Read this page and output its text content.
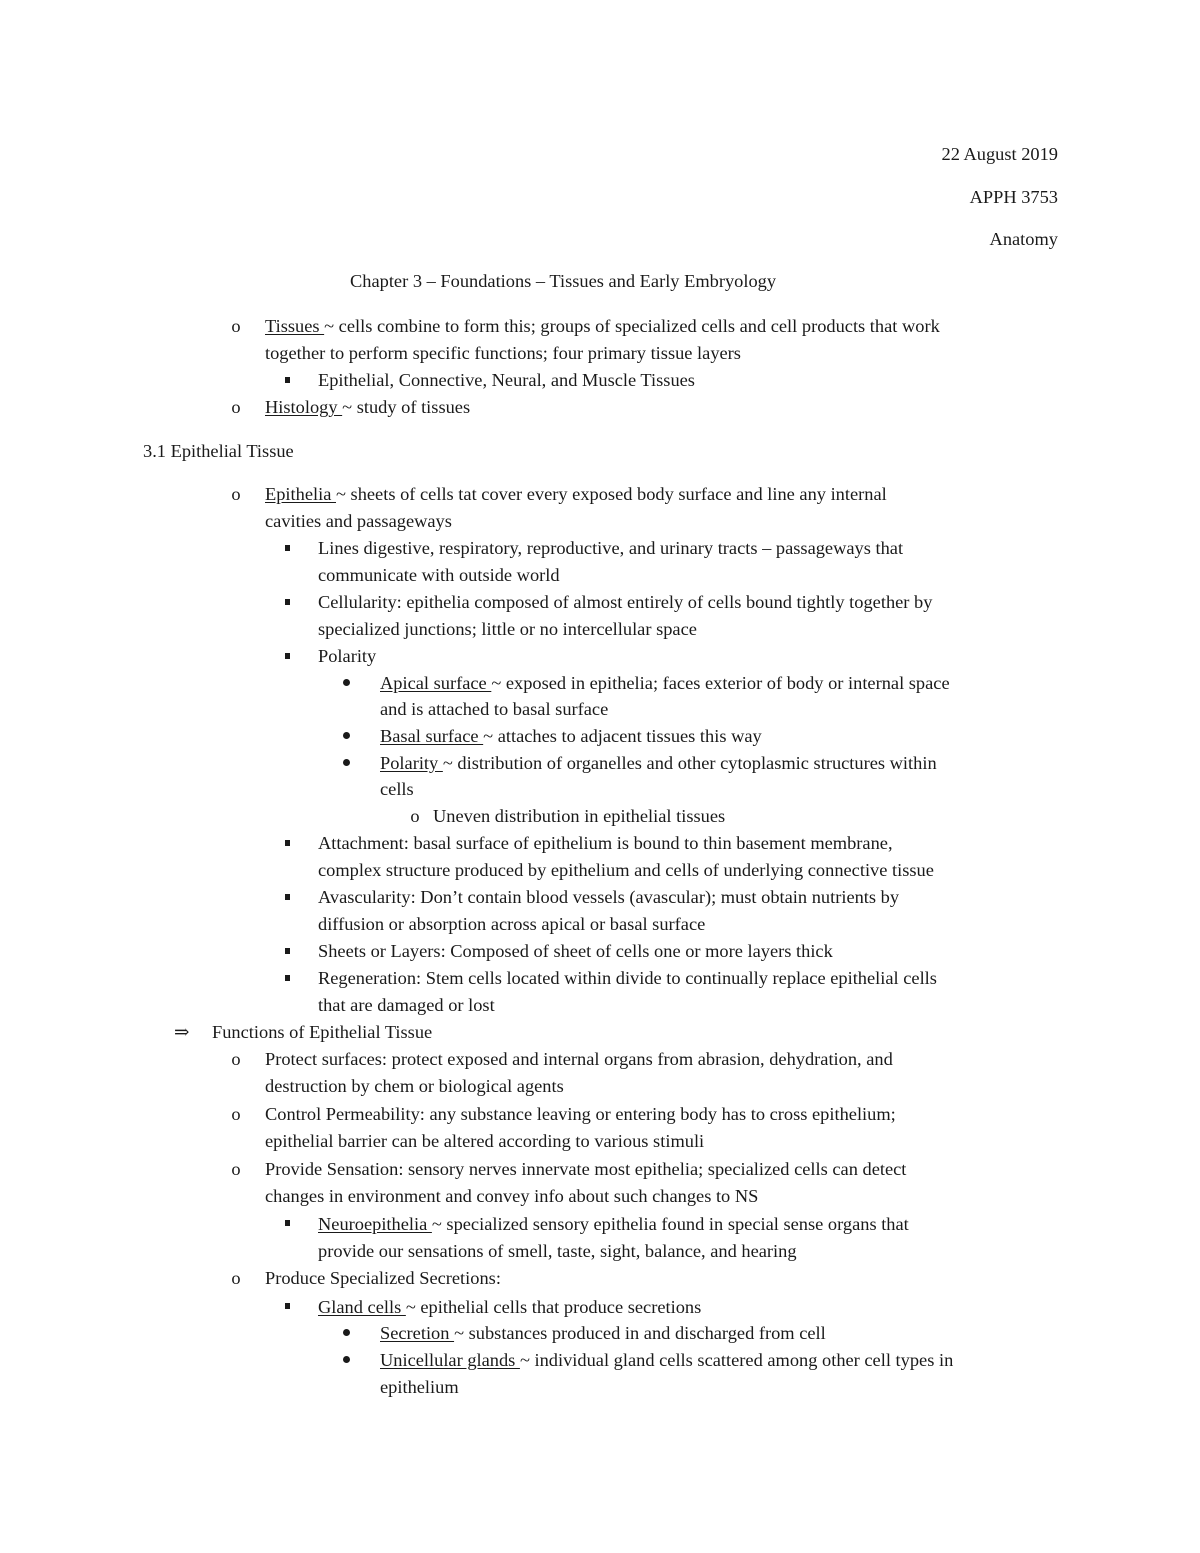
22 August 2019
APPH 3753
Anatomy
Chapter 3 – Foundations – Tissues and Early Embryology
o Tissues ~ cells combine to form this; groups of specialized cells and cell products that work
together to perform specific functions; four primary tissue layers
Epithelial, Connective, Neural, and Muscle Tissues
o Histology ~ study of tissues
3.1 Epithelial Tissue
o Epithelia ~ sheets of cells tat cover every exposed body surface and line any internal
cavities and passageways
Lines digestive, respiratory, reproductive, and urinary tracts – passageways that
communicate with outside world
Cellularity: epithelia composed of almost entirely of cells bound tightly together by
specialized junctions; little or no intercellular space
Polarity
Apical surface ~ exposed in epithelia; faces exterior of body or internal space
and is attached to basal surface
Basal surface ~ attaches to adjacent tissues this way
Polarity ~ distribution of organelles and other cytoplasmic structures within
cells
o Uneven distribution in epithelial tissues
Attachment: basal surface of epithelium is bound to thin basement membrane,
complex structure produced by epithelium and cells of underlying connective tissue
Avascularity: Don’t contain blood vessels (avascular); must obtain nutrients by
diffusion or absorption across apical or basal surface
Sheets or Layers: Composed of sheet of cells one or more layers thick
Regeneration: Stem cells located within divide to continually replace epithelial cells
that are damaged or lost
⇒ Functions of Epithelial Tissue
o Protect surfaces: protect exposed and internal organs from abrasion, dehydration, and
destruction by chem or biological agents
o Control Permeability: any substance leaving or entering body has to cross epithelium;
epithelial barrier can be altered according to various stimuli
o Provide Sensation: sensory nerves innervate most epithelia; specialized cells can detect
changes in environment and convey info about such changes to NS
Neuroepithelia ~ specialized sensory epithelia found in special sense organs that
provide our sensations of smell, taste, sight, balance, and hearing
o Produce Specialized Secretions:
Gland cells ~ epithelial cells that produce secretions
Secretion ~ substances produced in and discharged from cell
Unicellular glands ~ individual gland cells scattered among other cell types in
epithelium
